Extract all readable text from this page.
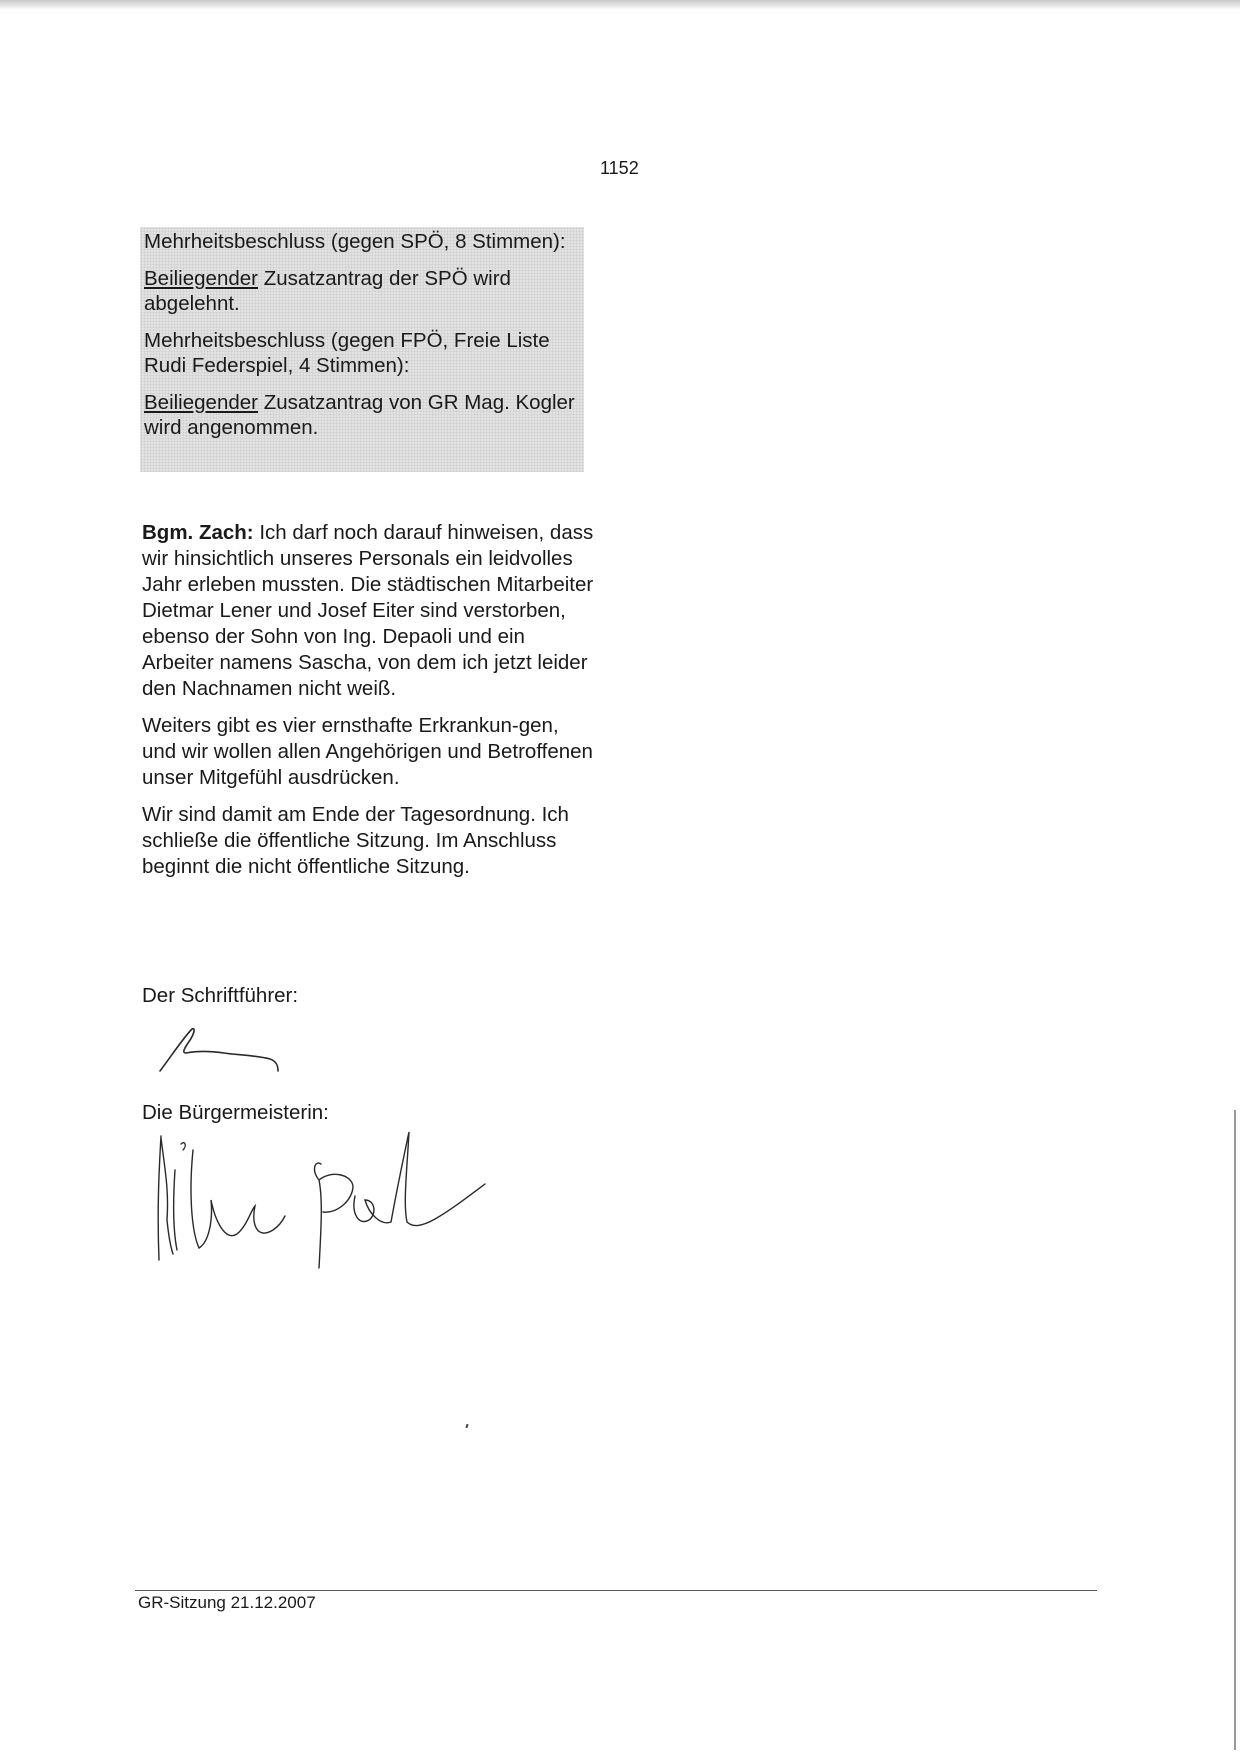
1152

Mehrheitsbeschluss (gegen SPÖ, 8 Stimmen):

Beiliegender Zusatzantrag der SPÖ wird abgelehnt.

Mehrheitsbeschluss (gegen FPÖ, Freie Liste Rudi Federspiel, 4 Stimmen):

Beiliegender Zusatzantrag von GR Mag. Kogler wird angenommen.

Bgm. Zach: Ich darf noch darauf hinweisen, dass wir hinsichtlich unseres Personals ein leidvolles Jahr erleben mussten. Die städtischen Mitarbeiter Dietmar Lener und Josef Eiter sind verstorben, ebenso der Sohn von Ing. Depaoli und ein Arbeiter namens Sascha, von dem ich jetzt leider den Nachnamen nicht weiß.

Weiters gibt es vier ernsthafte Erkrankun-gen, und wir wollen allen Angehörigen und Betroffenen unser Mitgefühl ausdrücken.

Wir sind damit am Ende der Tagesordnung. Ich schließe die öffentliche Sitzung. Im Anschluss beginnt die nicht öffentliche Sitzung.

Der Schriftführer:
Die Bürgermeisterin:
GR-Sitzung 21.12.2007
